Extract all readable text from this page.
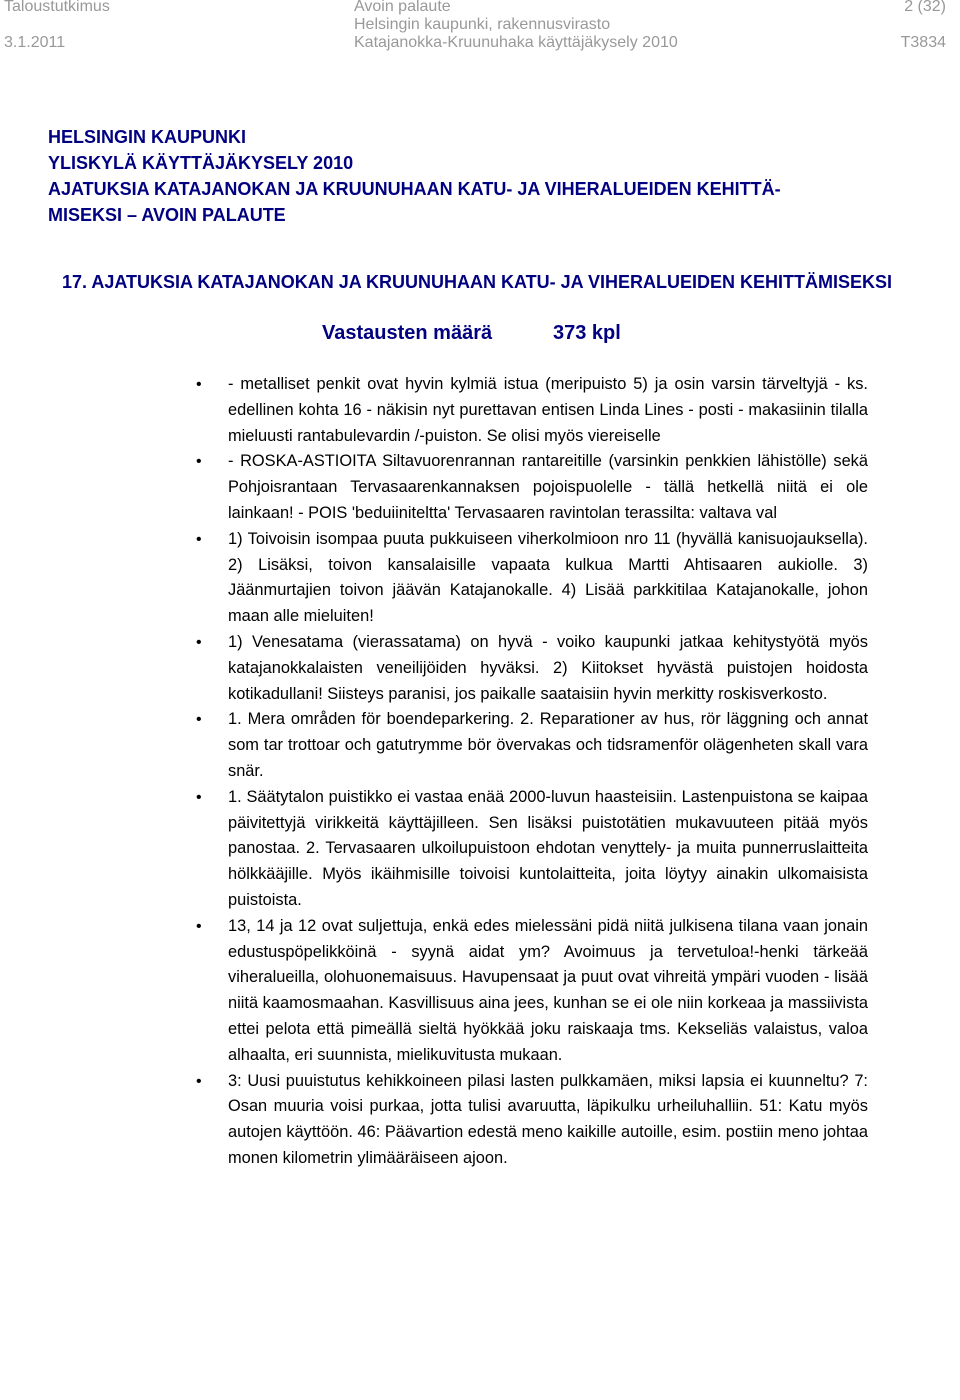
Taloustutkimus
3.1.2011
Avoin palaute
Helsingin kaupunki, rakennusvirasto
Katajanokka-Kruunuhaka käyttäjäkysely 2010
2 (32)
T3834
HELSINGIN KAUPUNKI
YLISKYLÄ KÄYTTÄJÄKYSELY 2010
AJATUKSIA KATAJANOKAN JA KRUUNUHAAN KATU- JA VIHERALUEIDEN KEHITTÄ-
MISEKSI – AVOIN PALAUTE
17. AJATUKSIA KATAJANOKAN JA KRUUNUHAAN KATU- JA VIHERALUEIDEN KEHITTÄMISEKSI
Vastausten määrä	373 kpl
• - metalliset penkit ovat hyvin kylmiä istua (meripuisto 5) ja osin varsin tärveltyjä - ks. edellinen kohta 16 - näkisin nyt purettavan entisen Linda Lines - posti - makasiinin tilalla mieluusti rantabulevardin /-puiston. Se olisi myös viereiselle
• - ROSKA-ASTIOITA Siltavuorenrannan rantareitille (varsinkin penkkien lähistölle) sekä Pohjoisrantaan Tervasaarenkannaksen pojoispuolelle - tällä hetkellä niitä ei ole lainkaan! - POIS 'beduiiniteltta' Tervasaaren ravintolan terassilta: valtava val
• 1) Toivoisin isompaa puuta pukkuiseen viherkolmioon nro 11 (hyvällä kanisuojauksella). 2) Lisäksi, toivon kansalaisille vapaata kulkua Martti Ahtisaaren aukiolle. 3) Jäänmurtajien toivon jäävän Katajanokalle. 4) Lisää parkkitilaa Katajanokalle, johon maan alle mieluiten!
• 1) Venesatama (vierassatama) on hyvä - voiko kaupunki jatkaa kehitystyötä myös katajanokkalaisten veneilijöiden hyväksi. 2) Kiitokset hyvästä puistojen hoidosta kotikadullani! Siisteys paranisi, jos paikalle saataisiin hyvin merkitty roskisverkosto.
• 1. Mera områden för boendeparkering. 2. Reparationer av hus, rör läggning och annat som tar trottoar och gatutrymme bör övervakas och tidsramenför olägenheten skall vara snär.
• 1. Säätytalon puistikko ei vastaa enää 2000-luvun haasteisiin. Lastenpuistona se kaipaa päivitettyjä virikkeitä käyttäjilleen. Sen lisäksi puistotätien mukavuuteen pitää myös panostaa. 2. Tervasaaren ulkoilupuistoon ehdotan venyttely- ja muita punnerruslaitteita hölkkääjille. Myös ikäihmisille toivoisi kuntolaitteita, joita löytyy ainakin ulkomaisista puistoista.
• 13, 14 ja 12 ovat suljettuja, enkä edes mielessäni pidä niitä julkisena tilana vaan jonain edustuspöpelikköinä - syynä aidat ym? Avoimuus ja tervetuloa!-henki tärkeää viheralueilla, olohuonemaisuus. Havupensaat ja puut ovat vihreitä ympäri vuoden - lisää niitä kaamosmaahan. Kasvillisuus aina jees, kunhan se ei ole niin korkeaa ja massiivista ettei pelota että pimeällä sieltä hyökkää joku raiskaaja tms. Kekseliäs valaistus, valoa alhaalta, eri suunnista, mielikuvitusta mukaan.
• 3: Uusi puuistutus kehikkoineen pilasi lasten pulkkamäen, miksi lapsia ei kuunneltu? 7: Osan muuria voisi purkaa, jotta tulisi avaruutta, läpikulku urheiluhalliin. 51: Katu myös autojen käyttöön. 46: Päävartion edestä meno kaikille autoille, esim. postiin meno johtaa monen kilometrin ylimääräiseen ajoon.
